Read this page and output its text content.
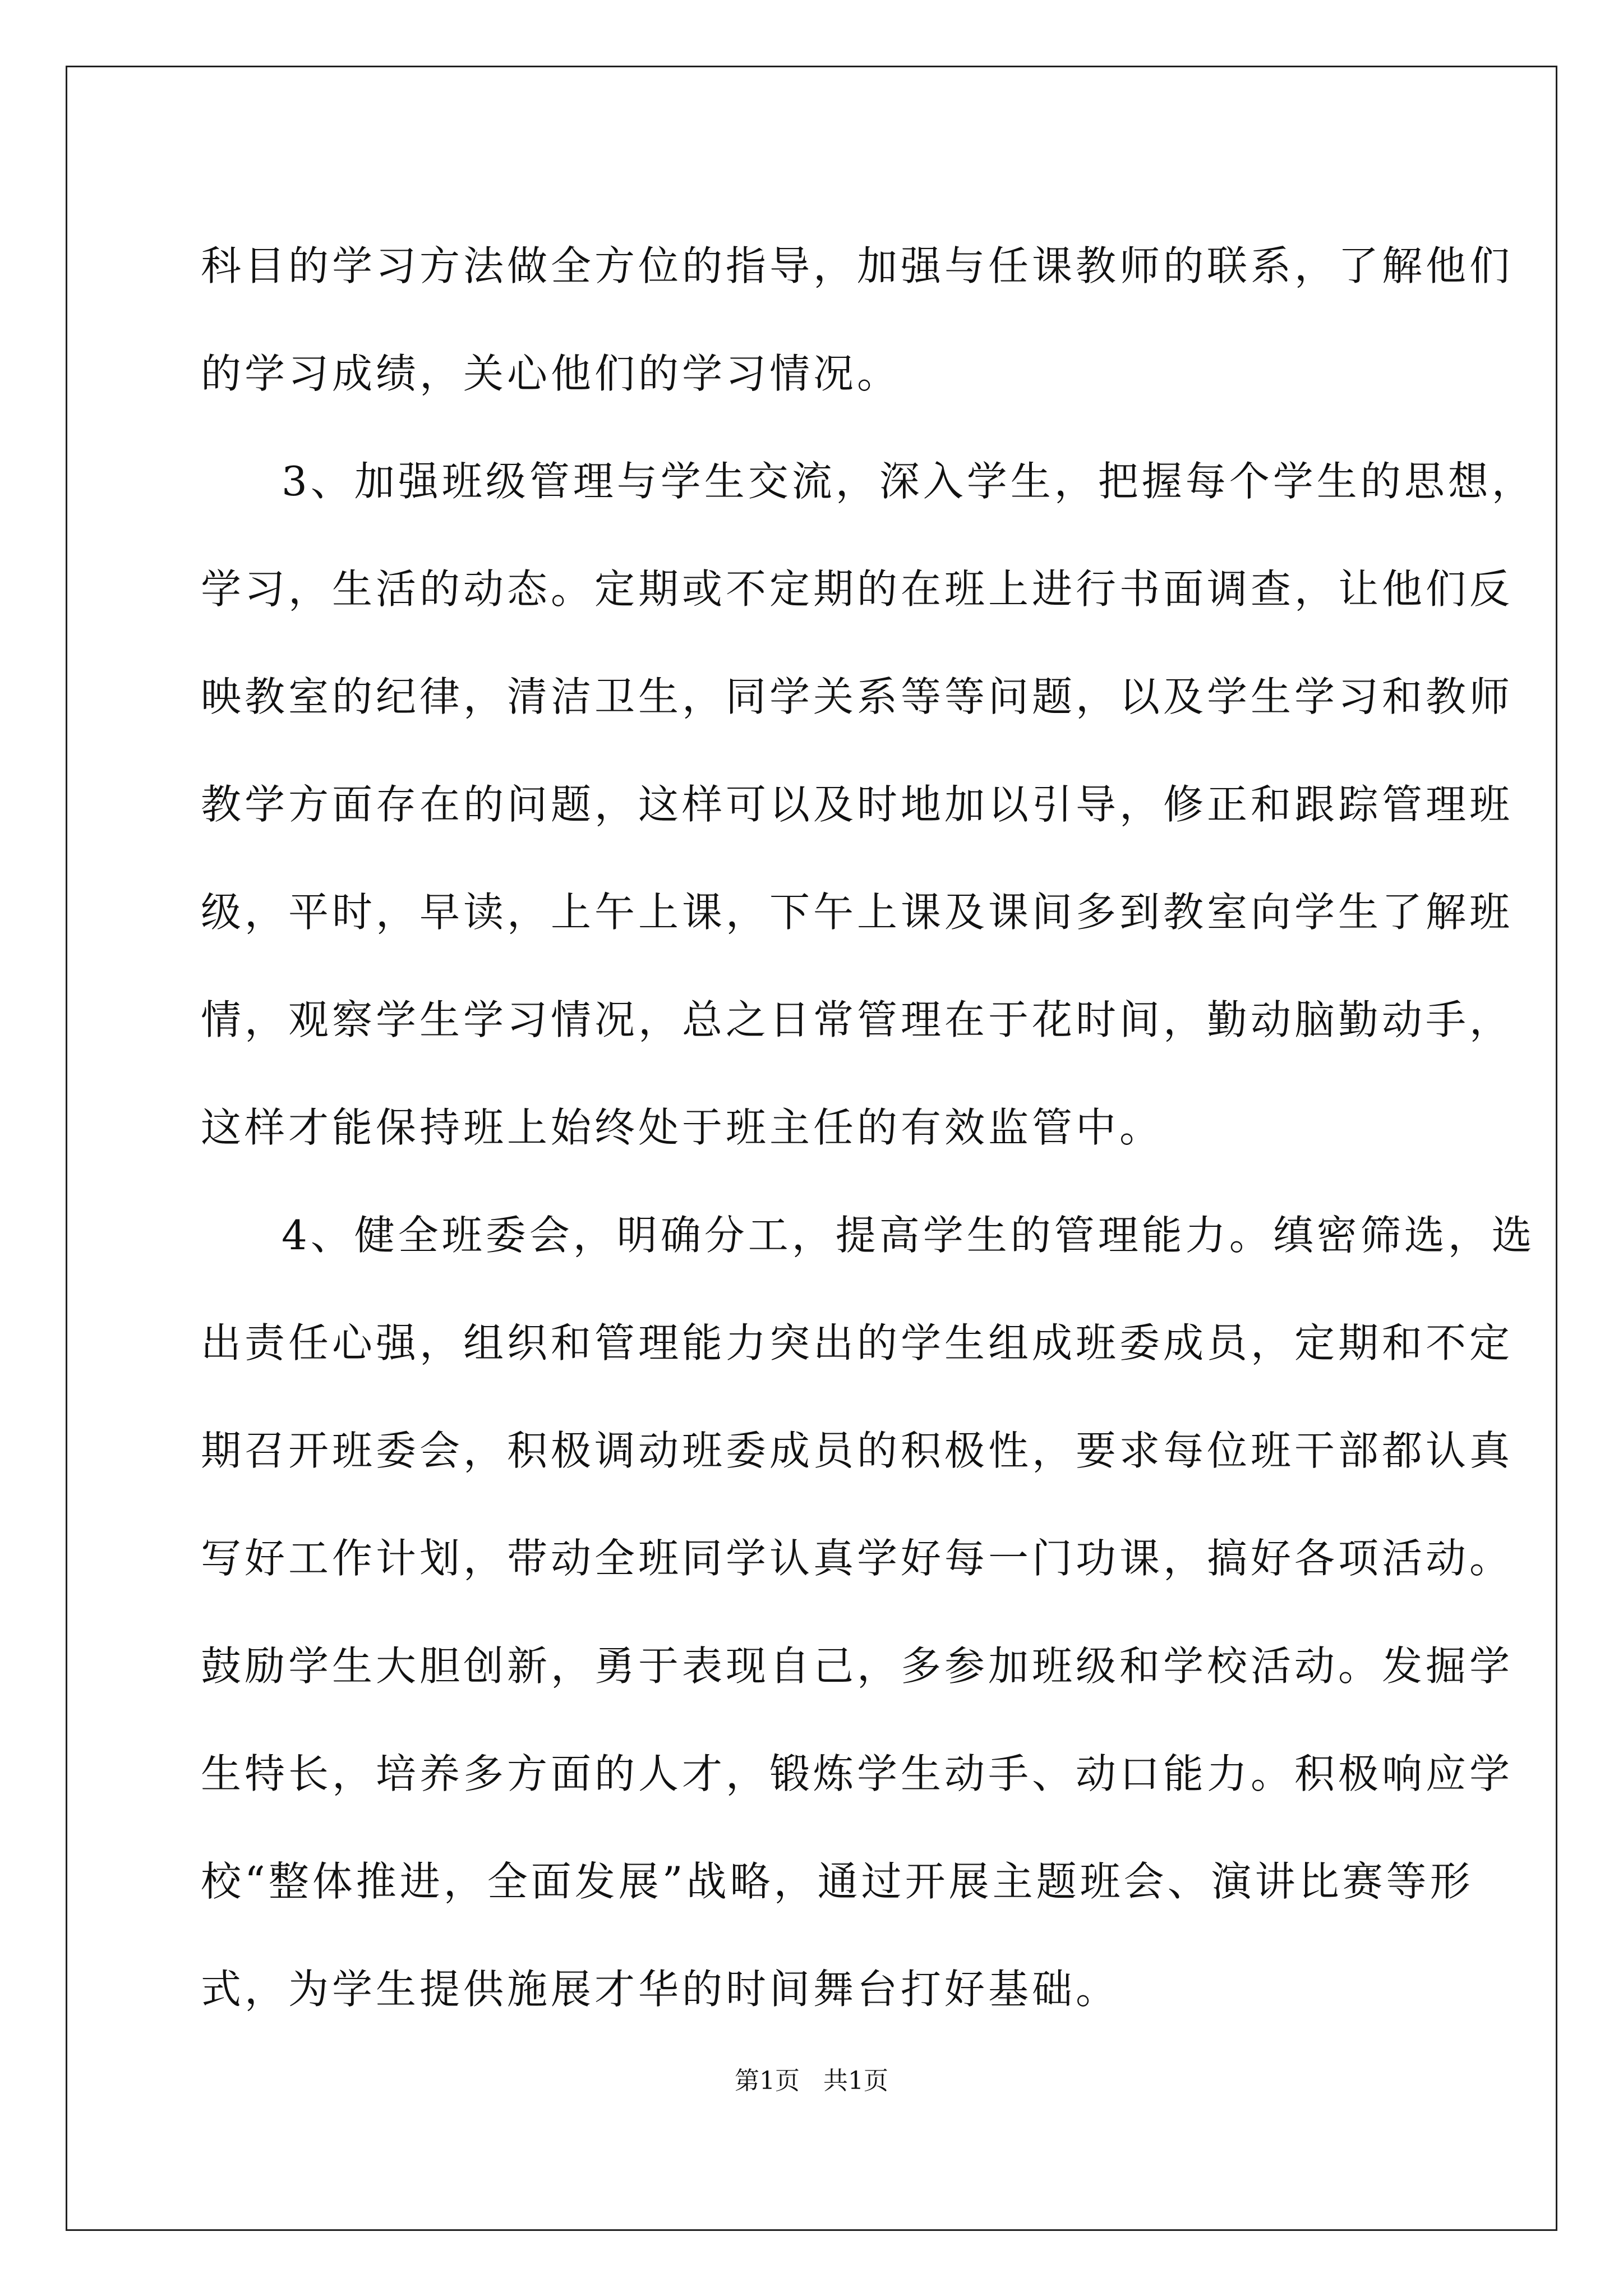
科目的学习方法做全方位的指导，加强与任课教师的联系，了解他们
的学习成绩，关心他们的学习情况。
3、加强班级管理与学生交流，深入学生，把握每个学生的思想，
学习，生活的动态。定期或不定期的在班上进行书面调查，让他们反
映教室的纪律，清洁卫生，同学关系等等问题，以及学生学习和教师
教学方面存在的问题，这样可以及时地加以引导，修正和跟踪管理班
级，平时，早读，上午上课，下午上课及课间多到教室向学生了解班
情，观察学生学习情况，总之日常管理在于花时间，勤动脑勤动手，
这样才能保持班上始终处于班主任的有效监管中。
4、健全班委会，明确分工，提高学生的管理能力。缜密筛选，选
出责任心强，组织和管理能力突出的学生组成班委成员，定期和不定
期召开班委会，积极调动班委成员的积极性，要求每位班干部都认真
写好工作计划，带动全班同学认真学好每一门功课，搞好各项活动。
鼓励学生大胆创新，勇于表现自己，多参加班级和学校活动。发掘学
生特长，培养多方面的人才，锻炼学生动手、动口能力。积极响应学
校“整体推进，全面发展”战略，通过开展主题班会、演讲比赛等形
式，为学生提供施展才华的时间舞台打好基础。
第1页   共1页
